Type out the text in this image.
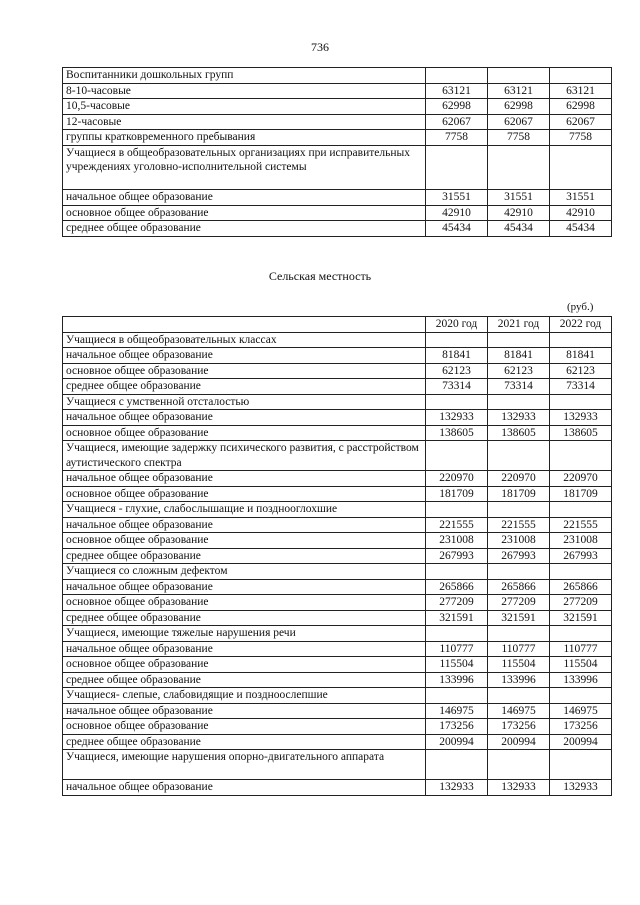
736
Воспитанники дошкольных групп			
8-10-часовые	63121	63121	63121
10,5-часовые	62998	62998	62998
12-часовые	62067	62067	62067
группы кратковременного пребывания	7758	7758	7758
Учащиеся в общеобразовательных организациях при исправительных учреждениях уголовно-исполнительной системы			
начальное общее образование	31551	31551	31551
основное общее образование	42910	42910	42910
среднее общее образование	45434	45434	45434
Сельская местность
(руб.)
	2020 год	2021 год	2022 год
Учащиеся в общеобразовательных классах			
начальное общее образование	81841	81841	81841
основное общее образование	62123	62123	62123
среднее общее образование	73314	73314	73314
Учащиеся с умственной отсталостью			
начальное общее образование	132933	132933	132933
основное общее образование	138605	138605	138605
Учащиеся, имеющие задержку психического развития, с расстройством аутистического спектра			
начальное общее образование	220970	220970	220970
основное общее образование	181709	181709	181709
Учащиеся - глухие, слабослышащие и позднооглохшие			
начальное общее образование	221555	221555	221555
основное общее образование	231008	231008	231008
среднее общее образование	267993	267993	267993
Учащиеся со сложным дефектом			
начальное общее образование	265866	265866	265866
основное общее образование	277209	277209	277209
среднее общее образование	321591	321591	321591
Учащиеся, имеющие тяжелые нарушения речи			
начальное общее образование	110777	110777	110777
основное общее образование	115504	115504	115504
среднее общее образование	133996	133996	133996
Учащиеся- слепые, слабовидящие и поздноослепшие			
начальное общее образование	146975	146975	146975
основное общее образование	173256	173256	173256
среднее общее образование	200994	200994	200994
Учащиеся, имеющие нарушения опорно-двигательного аппарата			
начальное общее образование	132933	132933	132933
